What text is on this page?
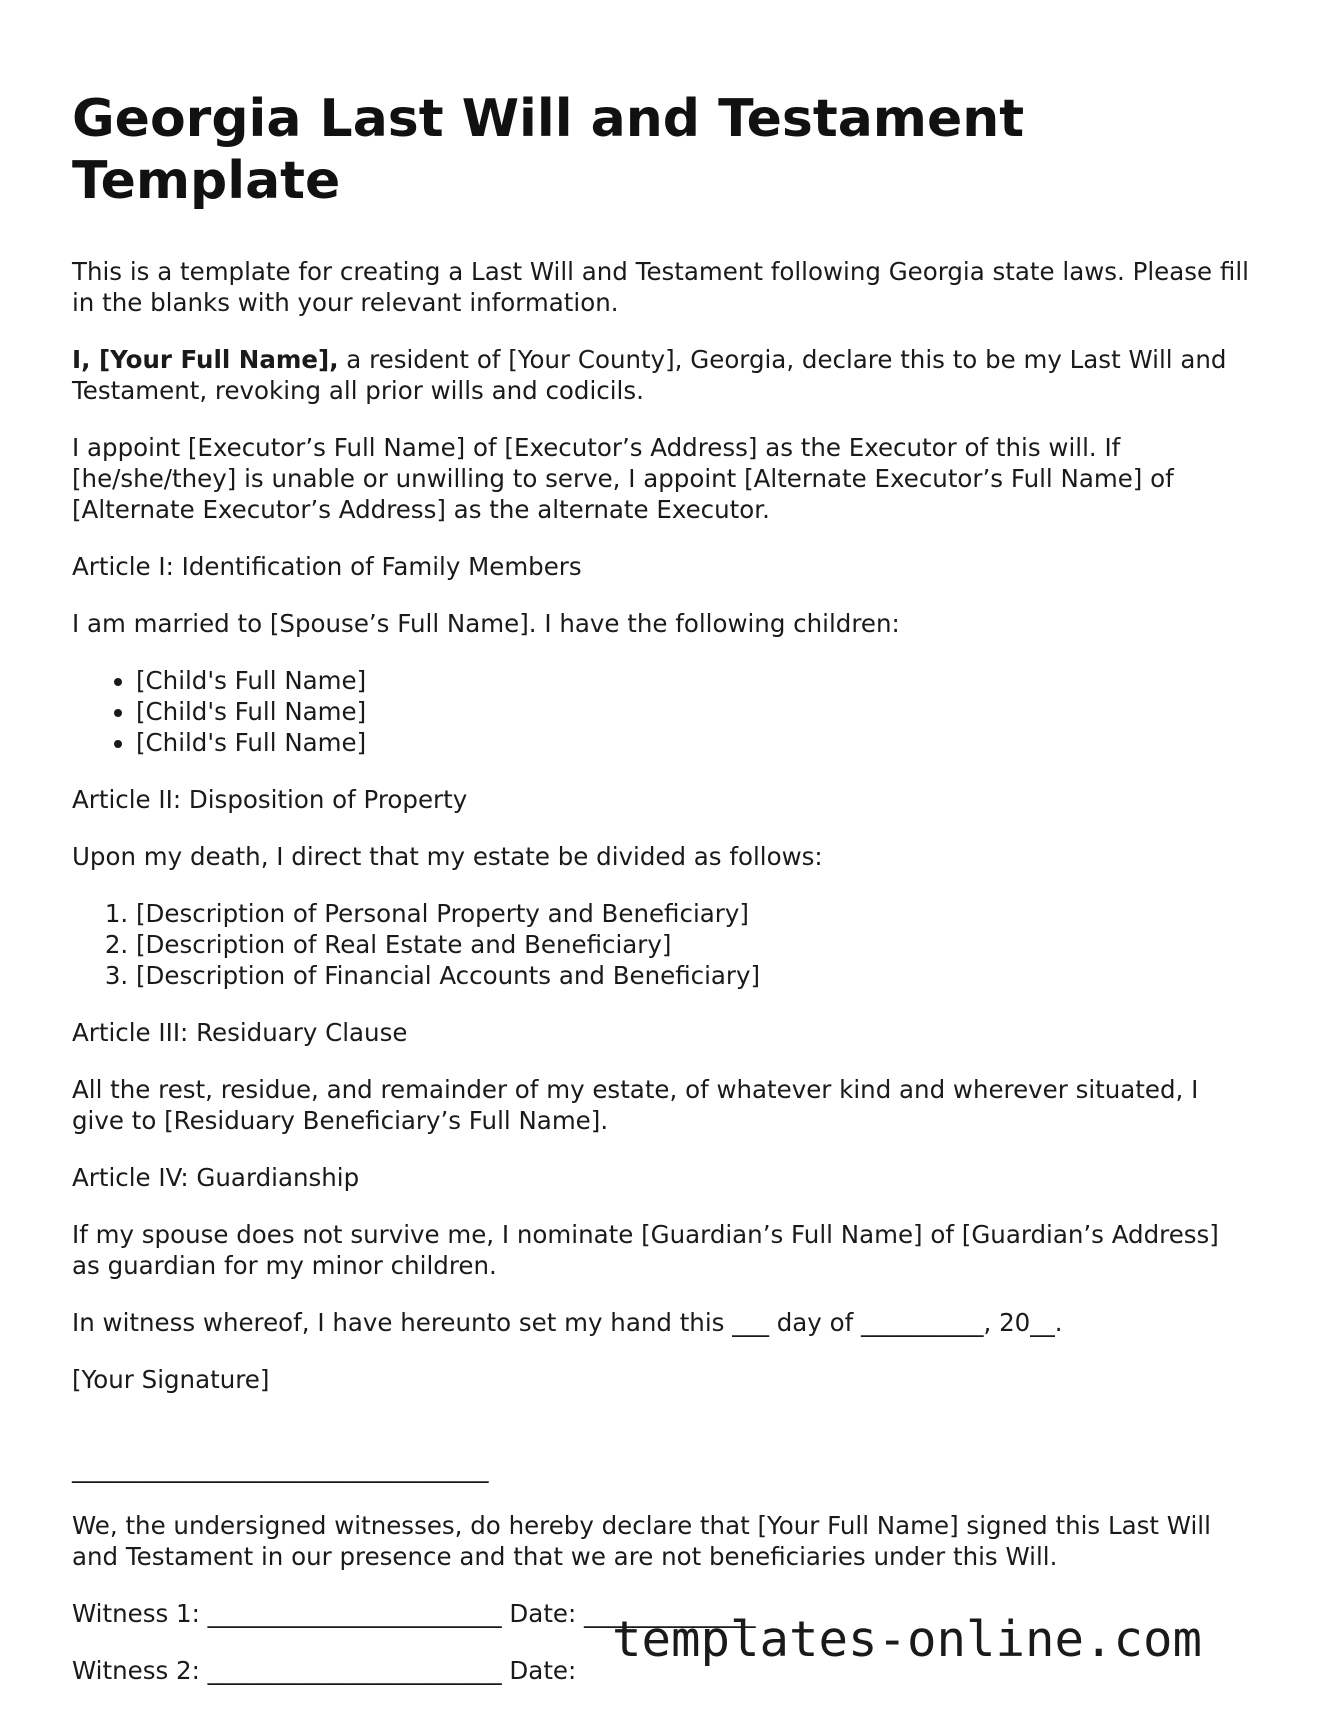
Georgia Last Will and Testament Template

This is a template for creating a Last Will and Testament following Georgia state laws. Please fill in the blanks with your relevant information.

I, [Your Full Name], a resident of [Your County], Georgia, declare this to be my Last Will and Testament, revoking all prior wills and codicils.

I appoint [Executor’s Full Name] of [Executor’s Address] as the Executor of this will. If [he/she/they] is unable or unwilling to serve, I appoint [Alternate Executor’s Full Name] of [Alternate Executor’s Address] as the alternate Executor.

Article I: Identification of Family Members

I am married to [Spouse’s Full Name]. I have the following children:

• [Child's Full Name]
• [Child's Full Name]
• [Child's Full Name]

Article II: Disposition of Property

Upon my death, I direct that my estate be divided as follows:

1. [Description of Personal Property and Beneficiary]
2. [Description of Real Estate and Beneficiary]
3. [Description of Financial Accounts and Beneficiary]

Article III: Residuary Clause

All the rest, residue, and remainder of my estate, of whatever kind and wherever situated, I give to [Residuary Beneficiary’s Full Name].

Article IV: Guardianship

If my spouse does not survive me, I nominate [Guardian’s Full Name] of [Guardian’s Address] as guardian for my minor children.

In witness whereof, I have hereunto set my hand this ___ day of __________, 20__.

[Your Signature]

__________________________________

We, the undersigned witnesses, do hereby declare that [Your Full Name] signed this Last Will and Testament in our presence and that we are not beneficiaries under this Will.

Witness 1: ________________________ Date: ______________

Witness 2: ________________________ Date:

templates-online.com
